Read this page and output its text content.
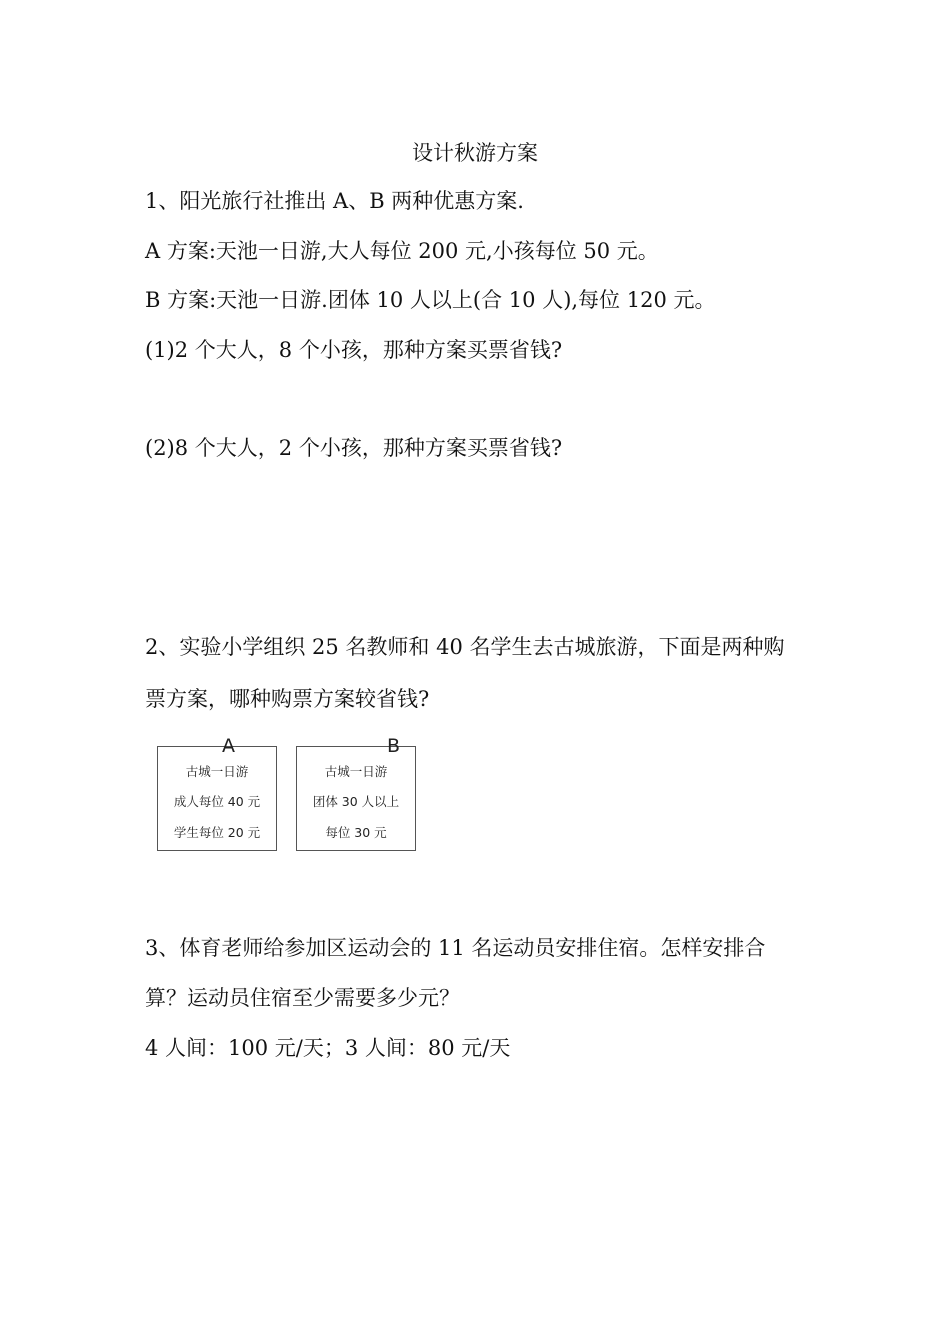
设计秋游方案

1、阳光旅行社推出 A、B 两种优惠方案.

A 方案:天池一日游,大人每位 200 元,小孩每位 50 元。

B 方案:天池一日游.团体 10 人以上(合 10 人),每位 120 元。

(1)2 个大人，8 个小孩，那种方案买票省钱?

(2)8 个大人，2 个小孩，那种方案买票省钱?

2、实验小学组织 25 名教师和 40 名学生去古城旅游，下面是两种购

票方案，哪种购票方案较省钱?

A
古城一日游
成人每位 40 元
学生每位 20 元
B
古城一日游
团体 30 人以上
每位 30 元

3、体育老师给参加区运动会的 11 名运动员安排住宿。怎样安排合

算？运动员住宿至少需要多少元？

4 人间：100 元/天；3 人间：80 元/天
